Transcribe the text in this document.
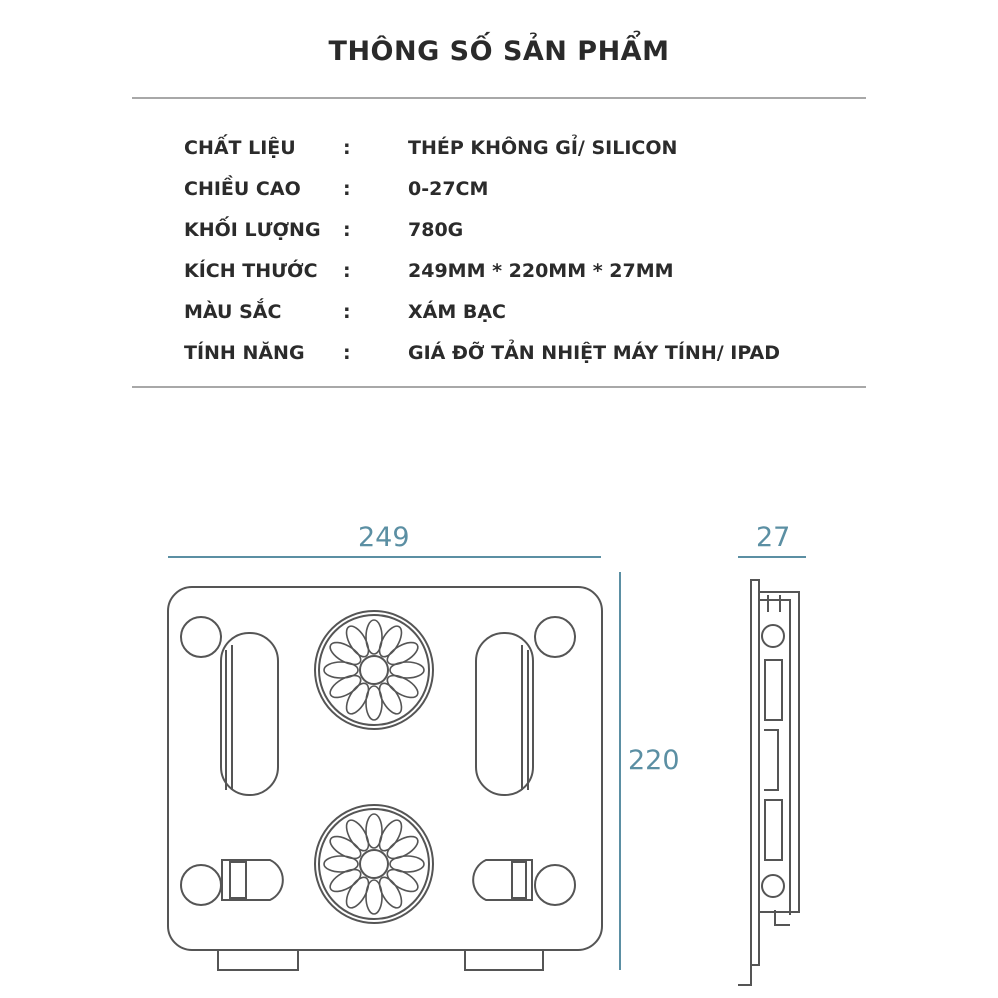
THÔNG SỐ SẢN PHẨM
CHẤT LIỆU :	THÉP KHÔNG GỈ/ SILICON
CHIỀU CAO :	0-27CM
KHỐI LƯỢNG :	780G
KÍCH THƯỚC :	249MM * 220MM * 27MM
MÀU SẮC	:	XÁM BẠC
TÍNH NĂNG :	GIÁ ĐỠ TẢN NHIỆT MÁY TÍNH/ IPAD
249
220
27
